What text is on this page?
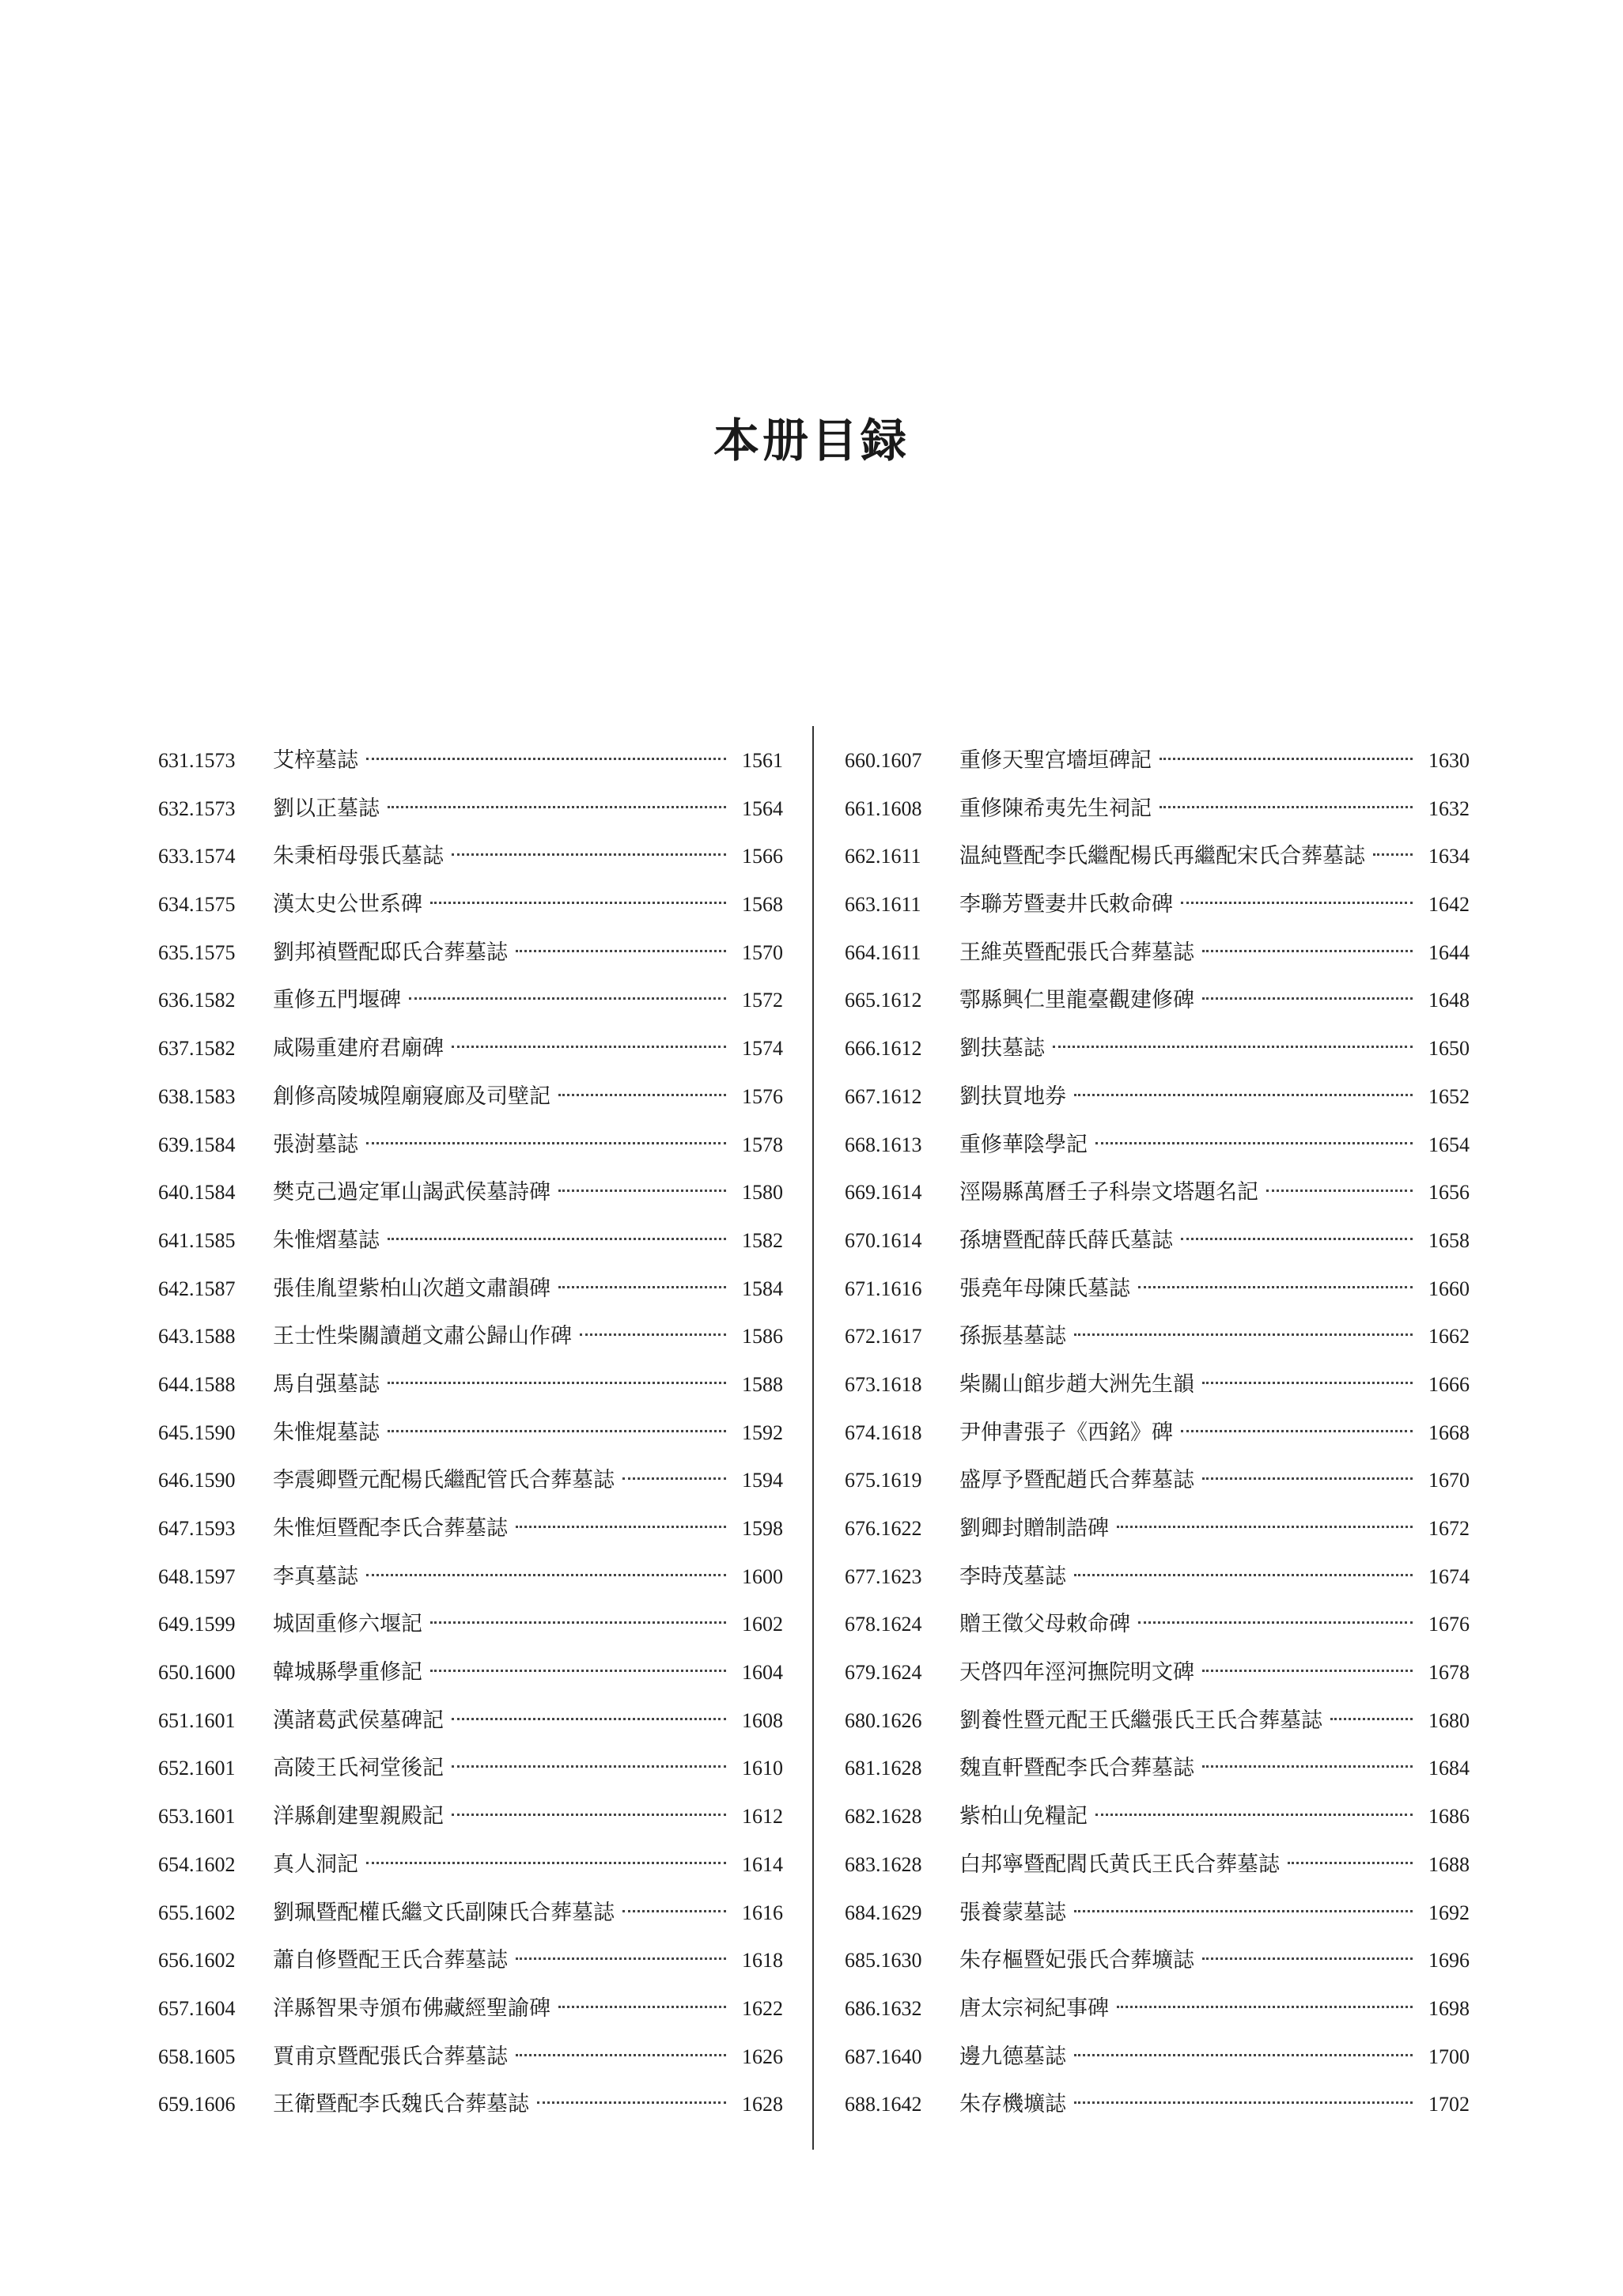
本册目録
631.1573	艾梓墓誌	1561
632.1573	劉以正墓誌	1564
633.1574	朱秉栢母張氏墓誌	1566
634.1575	漢太史公世系碑	1568
635.1575	劉邦禎暨配邸氏合葬墓誌	1570
636.1582	重修五門堰碑	1572
637.1582	咸陽重建府君廟碑	1574
638.1583	創修高陵城隍廟寢廊及司壁記	1576
639.1584	張澍墓誌	1578
640.1584	樊克己過定軍山謁武侯墓詩碑	1580
641.1585	朱惟熠墓誌	1582
642.1587	張佳胤望紫柏山次趙文肅韻碑	1584
643.1588	王士性柴關讀趙文肅公歸山作碑	1586
644.1588	馬自强墓誌	1588
645.1590	朱惟焜墓誌	1592
646.1590	李震卿暨元配楊氏繼配管氏合葬墓誌	1594
647.1593	朱惟烜暨配李氏合葬墓誌	1598
648.1597	李真墓誌	1600
649.1599	城固重修六堰記	1602
650.1600	韓城縣學重修記	1604
651.1601	漢諸葛武侯墓碑記	1608
652.1601	高陵王氏祠堂後記	1610
653.1601	洋縣創建聖親殿記	1612
654.1602	真人洞記	1614
655.1602	劉珮暨配權氏繼文氏副陳氏合葬墓誌	1616
656.1602	蕭自修暨配王氏合葬墓誌	1618
657.1604	洋縣智果寺頒布佛藏經聖諭碑	1622
658.1605	賈甫京暨配張氏合葬墓誌	1626
659.1606	王衛暨配李氏魏氏合葬墓誌	1628
660.1607	重修天聖宫墻垣碑記	1630
661.1608	重修陳希夷先生祠記	1632
662.1611	温純暨配李氏繼配楊氏再繼配宋氏合葬墓誌	1634
663.1611	李聯芳暨妻井氏敕命碑	1642
664.1611	王維英暨配張氏合葬墓誌	1644
665.1612	鄠縣興仁里龍臺觀建修碑	1648
666.1612	劉扶墓誌	1650
667.1612	劉扶買地券	1652
668.1613	重修華陰學記	1654
669.1614	涇陽縣萬曆壬子科崇文塔題名記	1656
670.1614	孫塘暨配薛氏薛氏墓誌	1658
671.1616	張堯年母陳氏墓誌	1660
672.1617	孫振基墓誌	1662
673.1618	柴關山館步趙大洲先生韻	1666
674.1618	尹伸書張子《西銘》碑	1668
675.1619	盛厚予暨配趙氏合葬墓誌	1670
676.1622	劉卿封贈制誥碑	1672
677.1623	李時茂墓誌	1674
678.1624	贈王徵父母敕命碑	1676
679.1624	天啓四年涇河撫院明文碑	1678
680.1626	劉養性暨元配王氏繼張氏王氏合葬墓誌	1680
681.1628	魏直軒暨配李氏合葬墓誌	1684
682.1628	紫柏山免糧記	1686
683.1628	白邦寧暨配閻氏黄氏王氏合葬墓誌	1688
684.1629	張養蒙墓誌	1692
685.1630	朱存樞暨妃張氏合葬壙誌	1696
686.1632	唐太宗祠紀事碑	1698
687.1640	邊九德墓誌	1700
688.1642	朱存機壙誌	1702
